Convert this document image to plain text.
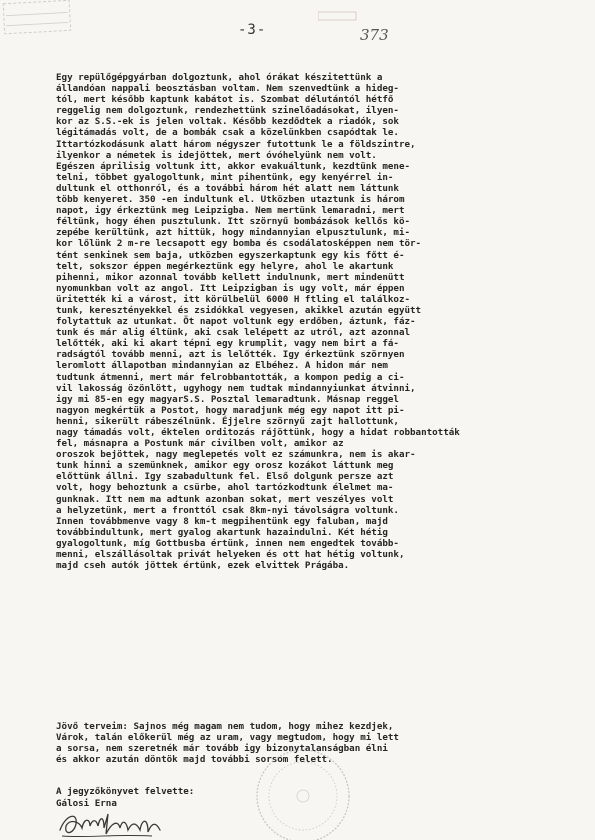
-3-	373
Egy repülőgépgyárban dolgoztunk, ahol órákat készitettünk a
állandóan nappali beosztásban voltam. Nem szenvedtünk a hideg-
tól, mert később kaptunk kabátot is. Szombat délutántól hétfő
reggelig nem dolgoztunk, rendezhettünk szinelőadásokat, ilyen-
kor az S.S.-ek is jelen voltak. Később kezdődtek a riadók, sok
légitámadás volt, de a bombák csak a közelünkben csapódtak le.
Ittartózkodásunk alatt három négyszer futottunk le a földszintre,
ilyenkor a németek is idejöttek, mert óvóhelyünk nem volt.
Egészen áprilisig voltunk itt, akkor evakuáltunk, kezdtünk mene-
telni, többet gyalogoltunk, mint pihentünk, egy kenyérrel in-
dultunk el otthonról, és a további három hét alatt nem láttunk
több kenyeret. 350 -en indultunk el. Utközben utaztunk is három
napot, igy érkeztünk meg Leipzigba. Nem mertünk lemaradni, mert
féltünk, hogy éhen pusztulunk. Itt szörnyű bombázások kellős kö-
zepébe kerültünk, azt hittük, hogy mindannyian elpusztulunk, mi-
kor lőlünk 2 m-re lecsapott egy bomba és csodálatosképpen nem tör-
tént senkinek sem baja, utközben egyszerkaptunk egy kis főtt é-
telt, sokszor éppen megérkeztünk egy helyre, ahol le akartunk
pihenni, mikor azonnal tovább kellett indulnunk, mert mindenütt
nyomunkban volt az angol. Itt Leipzigban is ugy volt, már éppen
üritették ki a várost, itt körülbelül 6000 H ftling el találkoz-
tunk, keresztényekkel és zsidókkal vegyesen, akikkel azután együtt
folytattuk az utunkat. Öt napot voltunk egy erdőben, áztunk, fáz-
tunk és már alig éltünk, aki csak lelépett az utról, azt azonnal
lelőtték, aki ki akart tépni egy krumplit, vagy nem birt a fá-
radságtól tovább menni, azt is lelőtték. Igy érkeztünk szörnyen
leromlott állapotban mindannyian az Elbéhez. A hidon már nem
tudtunk átmenni, mert már felrobbantották, a kompon pedig a ci-
vil lakosság özönlött, ugyhogy nem tudtak mindannyiunkat átvinni,
igy mi 85-en egy magyarS.S. Posztal lemaradtunk. Másnap reggel
nagyon megkértük a Postot, hogy maradjunk még egy napot itt pi-
henni, sikerült rábeszélnünk. Éjjelre szörnyű zajt hallottunk,
nagy támadás volt, éktelen orditozás rájöttünk, hogy a hidat robbantották
fel, másnapra a Postunk már civilben volt, amikor az
oroszok bejöttek, nagy meglepetés volt ez számunkra, nem is akar-
tunk hinni a szemünknek, amikor egy orosz kozákot láttunk meg
előttünk állni. Igy szabadultunk fel. Első dolgunk persze azt
volt, hogy behoztunk a csürbe, ahol tartózkodtunk élelmet ma-
gunknak. Itt nem ma adtunk azonban sokat, mert veszélyes volt
a helyzetünk, mert a fronttól csak 8km-nyi távolságra voltunk.
Innen továbbmenve vagy 8 km-t megpihentünk egy faluban, majd
továbbindultunk, mert gyalog akartunk hazaindulni. Két hétig
gyalogoltunk, míg Gottbusba értünk, innen nem engedtek tovább-
menni, elszállásoltak privát helyeken és ott hat hétig voltunk,
majd cseh autók jöttek értünk, ezek elvittek Prágába.
Jövő terveim: Sajnos még magam nem tudom, hogy mihez kezdjek,
Várok, talán előkerül még az uram, vagy megtudom, hogy mi lett
a sorsa, nem szeretnék már tovább igy bizonytalanságban élni
és akkor azután döntök majd további sorsom felett.
A jegyzőkönyvet felvette:
Gálosi Erna
